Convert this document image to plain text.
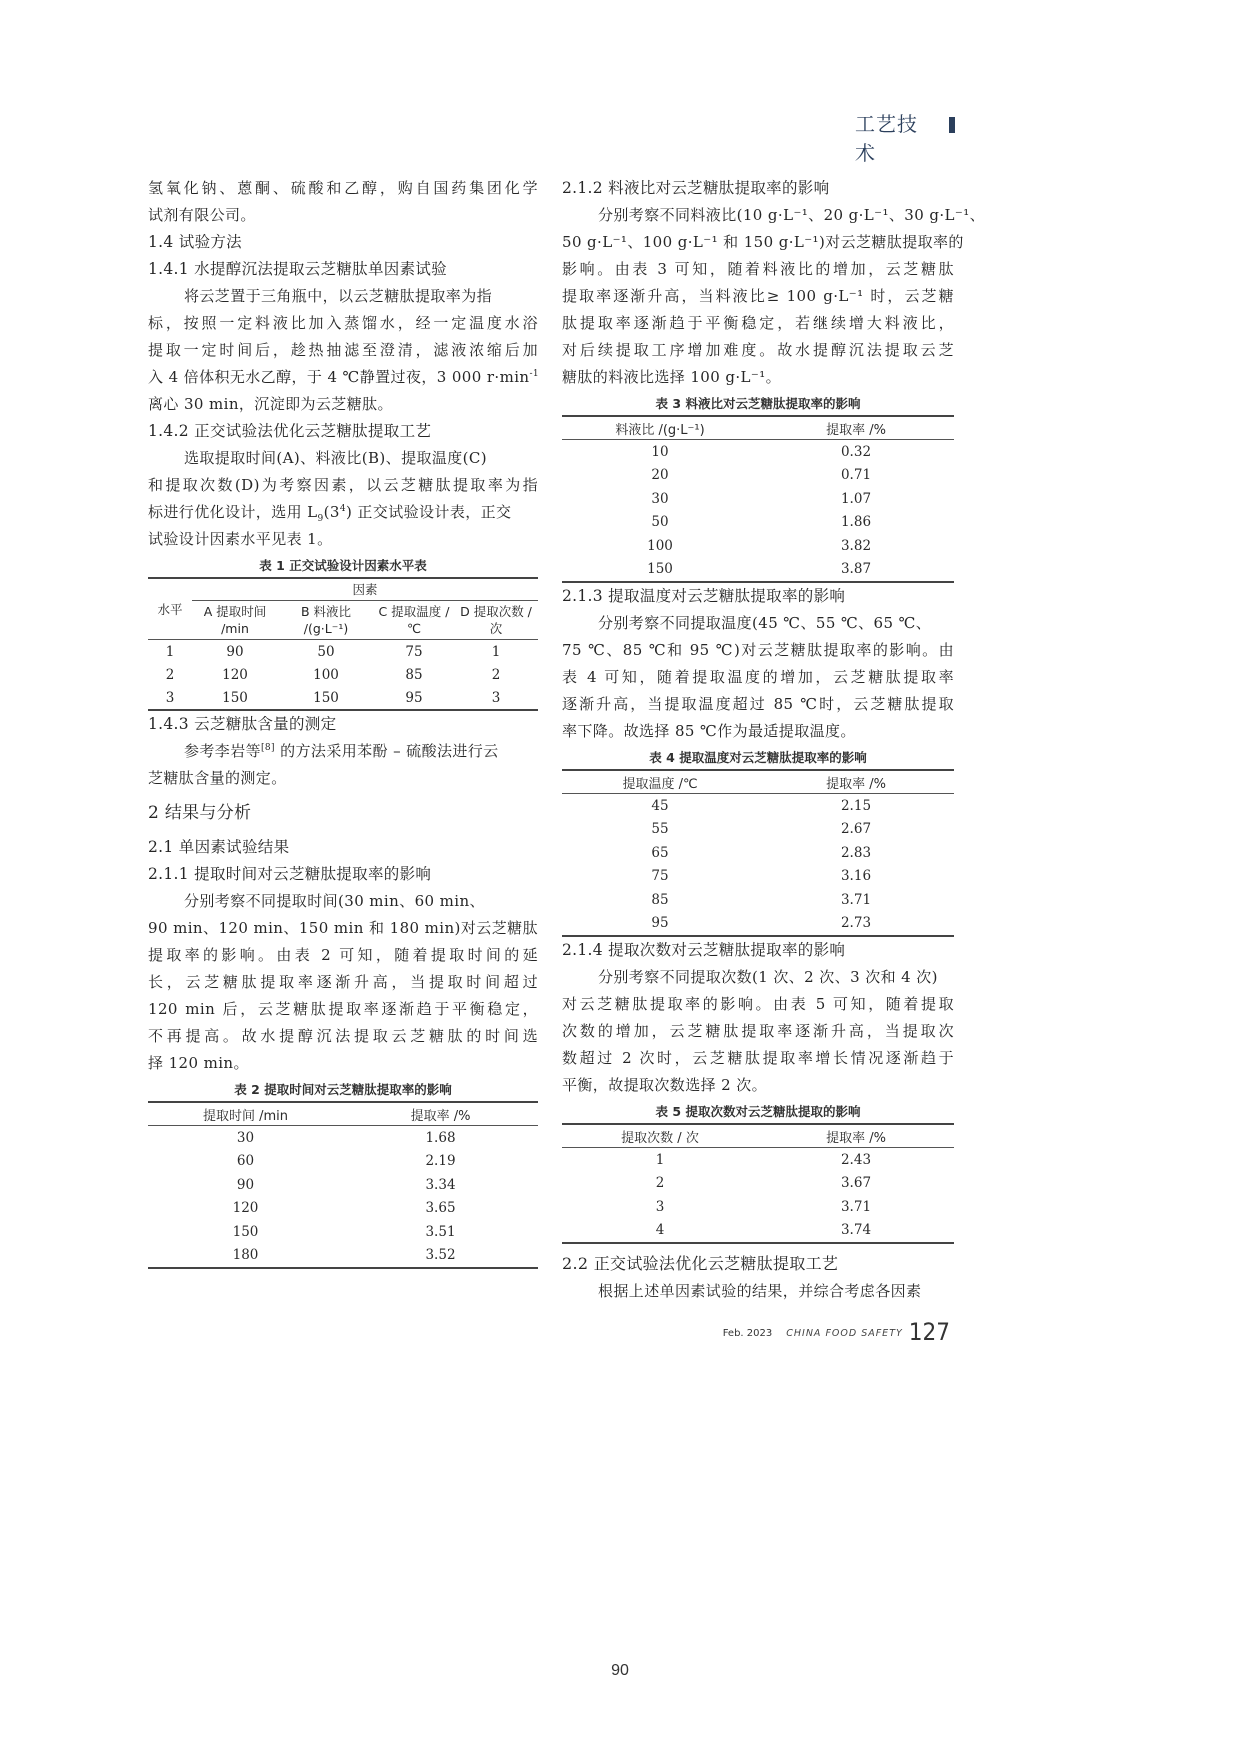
工艺技术

氢氧化钠、蒽酮、硫酸和乙醇，购自国药集团化学

试剂有限公司。

1.4 试验方法

1.4.1 水提醇沉法提取云芝糖肽单因素试验

将云芝置于三角瓶中，以云芝糖肽提取率为指

标，按照一定料液比加入蒸馏水，经一定温度水浴

提取一定时间后，趁热抽滤至澄清，滤液浓缩后加

入 4 倍体积无水乙醇，于 4 ℃静置过夜，3 000 $r\cdot\min^{-1}$

离心 30 min，沉淀即为云芝糖肽。

1.4.2 正交试验法优化云芝糖肽提取工艺

选取提取时间(A)、料液比(B)、提取温度(C)

和提取次数(D)为考察因素，以云芝糖肽提取率为指

标进行优化设计，选用 $L_9(3^4)$ 正交试验设计表，正交

试验设计因素水平见表 1。

表 1 正交试验设计因素水平表

水平	因素			
	A 提取时间 /min	B 料液比 /(g·L⁻¹)	C 提取温度 /℃	D 提取次数 / 次
1	90	50	75	1
2	120	100	85	2
3	150	150	95	3

1.4.3 云芝糖肽含量的测定

参考李岩等[8] 的方法采用苯酚 – 硫酸法进行云

芝糖肽含量的测定。

2 结果与分析

2.1 单因素试验结果

2.1.1 提取时间对云芝糖肽提取率的影响

分别考察不同提取时间(30 min、60 min、

90 min、120 min、150 min 和 180 min)对云芝糖肽

提取率的影响。由表 2 可知，随着提取时间的延

长，云芝糖肽提取率逐渐升高，当提取时间超过

120 min 后，云芝糖肽提取率逐渐趋于平衡稳定，

不再提高。故水提醇沉法提取云芝糖肽的时间选

择 120 min。

表 2 提取时间对云芝糖肽提取率的影响

提取时间 /min	提取率 /%
30	1.68
60	2.19
90	3.34
120	3.65
150	3.51
180	3.52

2.1.2 料液比对云芝糖肽提取率的影响

分别考察不同料液比(10 g·L⁻¹、20 g·L⁻¹、30 g·L⁻¹、

50 g·L⁻¹、100 g·L⁻¹ 和 150 g·L⁻¹)对云芝糖肽提取率的

影响。由表 3 可知，随着料液比的增加，云芝糖肽

提取率逐渐升高，当料液比≥ 100 g·L⁻¹ 时，云芝糖

肽提取率逐渐趋于平衡稳定，若继续增大料液比，

对后续提取工序增加难度。故水提醇沉法提取云芝

糖肽的料液比选择 100 g·L⁻¹。

表 3 料液比对云芝糖肽提取率的影响

料液比 /(g·L⁻¹)	提取率 /%
10	0.32
20	0.71
30	1.07
50	1.86
100	3.82
150	3.87

2.1.3 提取温度对云芝糖肽提取率的影响

分别考察不同提取温度(45 ℃、55 ℃、65 ℃、

75 ℃、85 ℃和 95 ℃)对云芝糖肽提取率的影响。由

表 4 可知，随着提取温度的增加，云芝糖肽提取率

逐渐升高，当提取温度超过 85 ℃时，云芝糖肽提取

率下降。故选择 85 ℃作为最适提取温度。

表 4 提取温度对云芝糖肽提取率的影响

提取温度 /℃	提取率 /%
45	2.15
55	2.67
65	2.83
75	3.16
85	3.71
95	2.73

2.1.4 提取次数对云芝糖肽提取率的影响

分别考察不同提取次数(1 次、2 次、3 次和 4 次)

对云芝糖肽提取率的影响。由表 5 可知，随着提取

次数的增加，云芝糖肽提取率逐渐升高，当提取次

数超过 2 次时，云芝糖肽提取率增长情况逐渐趋于

平衡，故提取次数选择 2 次。

表 5 提取次数对云芝糖肽提取的影响

提取次数 / 次	提取率 /%
1	2.43
2	3.67
3	3.71
4	3.74

2.2 正交试验法优化云芝糖肽提取工艺

根据上述单因素试验的结果，并综合考虑各因素

$^{Feb. 2023}$ $^{CHINA FOOD SAFETY}$ 127
90
